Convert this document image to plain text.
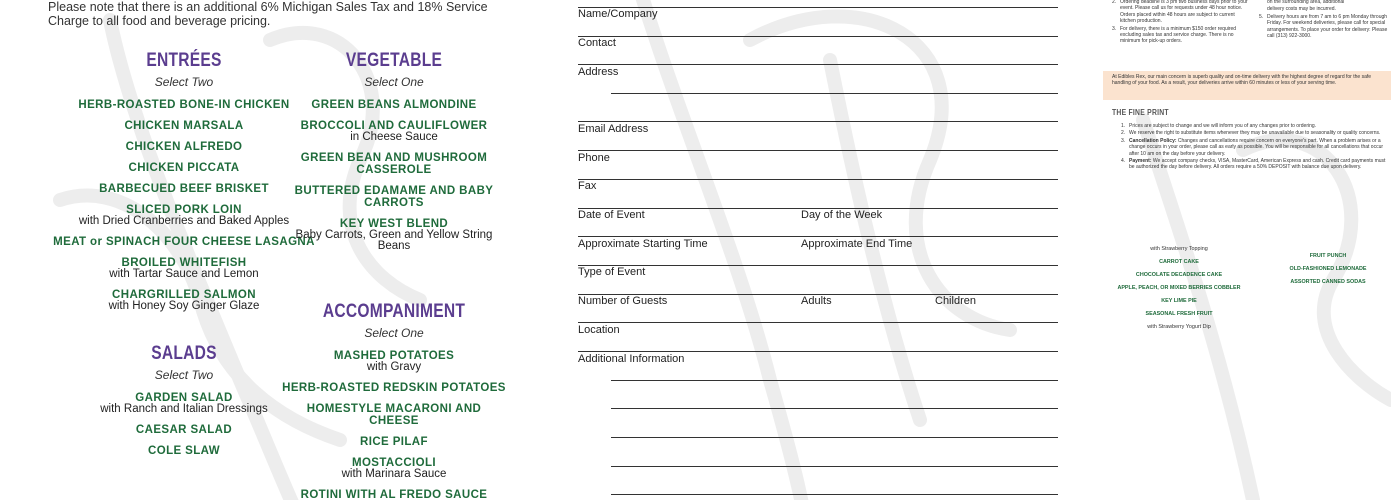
Please note that there is an additional 6% Michigan Sales Tax and 18% Service Charge to all food and beverage pricing.
ENTRÉES
Select Two
HERB-ROASTED BONE-IN CHICKEN
CHICKEN MARSALA
CHICKEN ALFREDO
CHICKEN PICCATA
BARBECUED BEEF BRISKET
SLICED PORK LOIN
with Dried Cranberries and Baked Apples
MEAT or SPINACH FOUR CHEESE LASAGNA
BROILED WHITEFISH
with Tartar Sauce and Lemon
CHARGRILLED SALMON
with Honey Soy Ginger Glaze
SALADS
Select Two
GARDEN SALAD
with Ranch and Italian Dressings
CAESAR SALAD
COLE SLAW
VEGETABLE
Select One
GREEN BEANS ALMONDINE
BROCCOLI AND CAULIFLOWER
in Cheese Sauce
GREEN BEAN AND MUSHROOM CASSEROLE
BUTTERED EDAMAME AND BABY CARROTS
KEY WEST BLEND
Baby Carrots, Green and Yellow String Beans
ACCOMPANIMENT
Select One
MASHED POTATOES
with Gravy
HERB-ROASTED REDSKIN POTATOES
HOMESTYLE MACARONI AND CHEESE
RICE PILAF
MOSTACCIOLI
with Marinara Sauce
ROTINI WITH AL FREDO SAUCE
Name/Company
Contact
Address
Email Address
Phone
Fax
Date of Event	Day of the Week
Approximate Starting Time	Approximate End Time
Type of Event
Number of Guests	Adults	Children
Location
Additional Information
2. Ordering deadline is 3 pm two business days prior to your event. Please call us for requests under 48 hour notice. Orders placed within 48 hours are subject to current kitchen production.
3. For delivery, there is a minimum $150 order required excluding sales tax and service charge. There is no minimum for pick-up orders.
on the surrounding area, additional
delivery costs may be incurred.
5. Delivery hours are from 7 am to 6 pm Monday through Friday. For weekend deliveries, please call for special arrangements. To place your order for delivery: Please call (313) 922-3000.
At Edibles Rex, our main concern is superb quality and on-time delivery with the highest degree of regard for the safe handling of your food. As a result, your deliveries arrive within 60 minutes or less of your serving time.
THE FINE PRINT
1. Prices are subject to change and we will inform you of any changes prior to ordering.
2. We reserve the right to substitute items whenever they may be unavailable due to seasonality or quality concerns.
3. Cancellation Policy: Changes and cancellations require concern on everyone's part. When a problem arises or a change occurs in your order, please call as early as possible. You will be responsible for all cancellations that occur after 10 am on the day before your delivery.
4. Payment: We accept company checks, VISA, MasterCard, American Express and cash. Credit card payments must be authorized the day before delivery. All orders require a 50% DEPOSIT with balance due upon delivery.
with Strawberry Topping
CARROT CAKE
CHOCOLATE DECADENCE CAKE
APPLE, PEACH, OR MIXED BERRIES COBBLER
KEY LIME PIE
SEASONAL FRESH FRUIT
with Strawberry Yogurt Dip
FRUIT PUNCH
OLD-FASHIONED LEMONADE
ASSORTED CANNED SODAS
